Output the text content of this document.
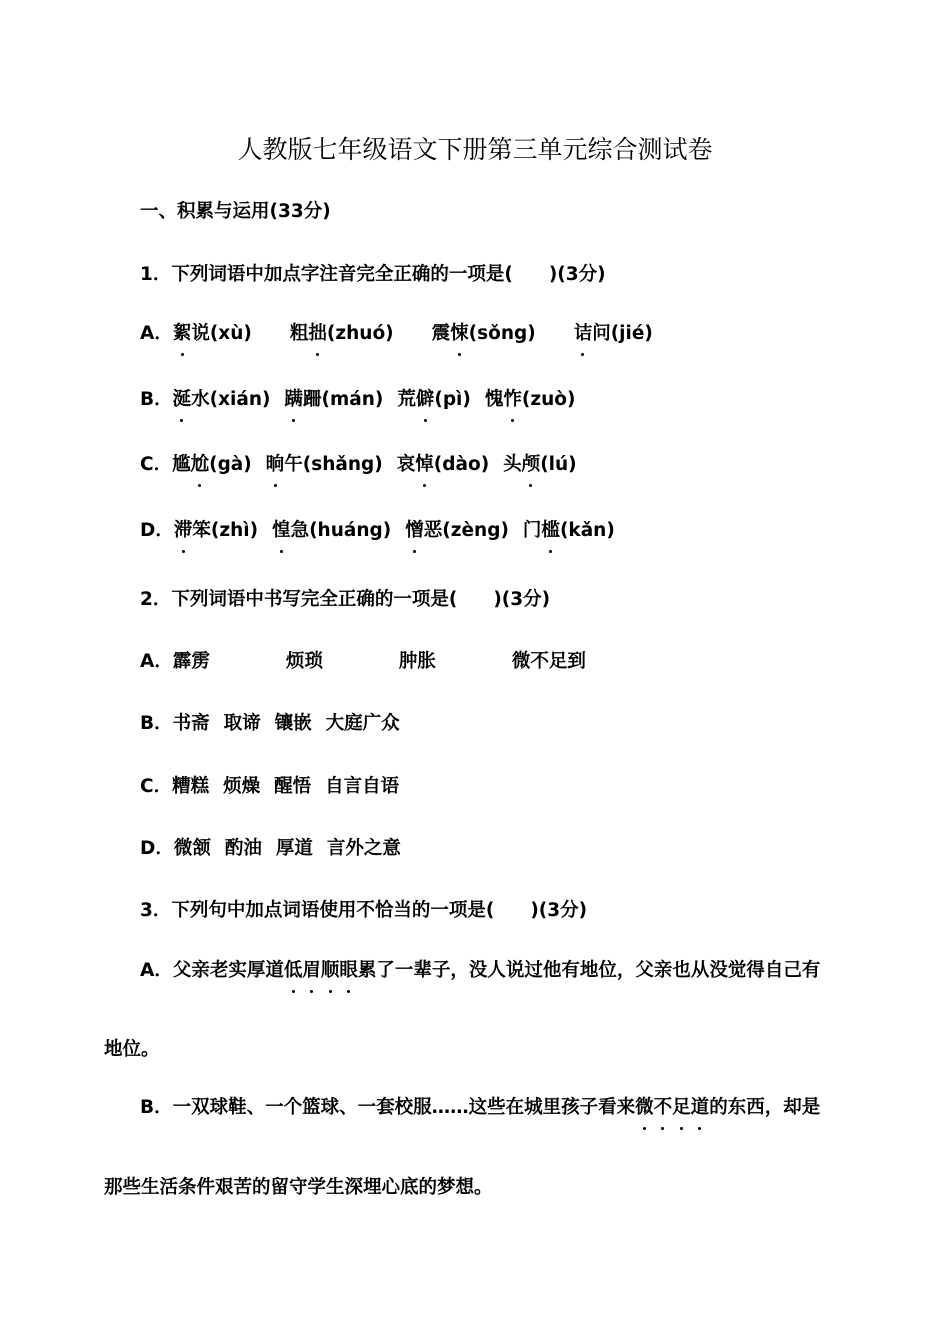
人教版七年级语文下册第三单元综合测试卷
一、积累与运用(33分)
1．下列词语中加点字注音完全正确的一项是( )(3分)
A．絮说(xù) 粗拙(zhuó) 震悚(sǒng) 诘问(jié)
B．涎水(xián) 蹒跚(mán) 荒僻(pì) 愧怍(zuò)
C．尴尬(gà) 晌午(shǎng) 哀悼(dào) 头颅(lú)
D．滞笨(zhì) 惶急(huáng) 憎恶(zèng) 门槛(kǎn)
2．下列词语中书写完全正确的一项是( )(3分)
A．霹雳	烦琐	肿胀	微不足到
B．书斋 取谛 镶嵌 大庭广众
C．糟糕 烦燥 醒悟 自言自语
D．微颔 酌油 厚道 言外之意
3．下列句中加点词语使用不恰当的一项是( )(3分)
A．父亲老实厚道低眉顺眼累了一辈子，没人说过他有地位，父亲也从没觉得自己有
地位。
B．一双球鞋、一个篮球、一套校服……这些在城里孩子看来微不足道的东西，却是
那些生活条件艰苦的留守学生深埋心底的梦想。
